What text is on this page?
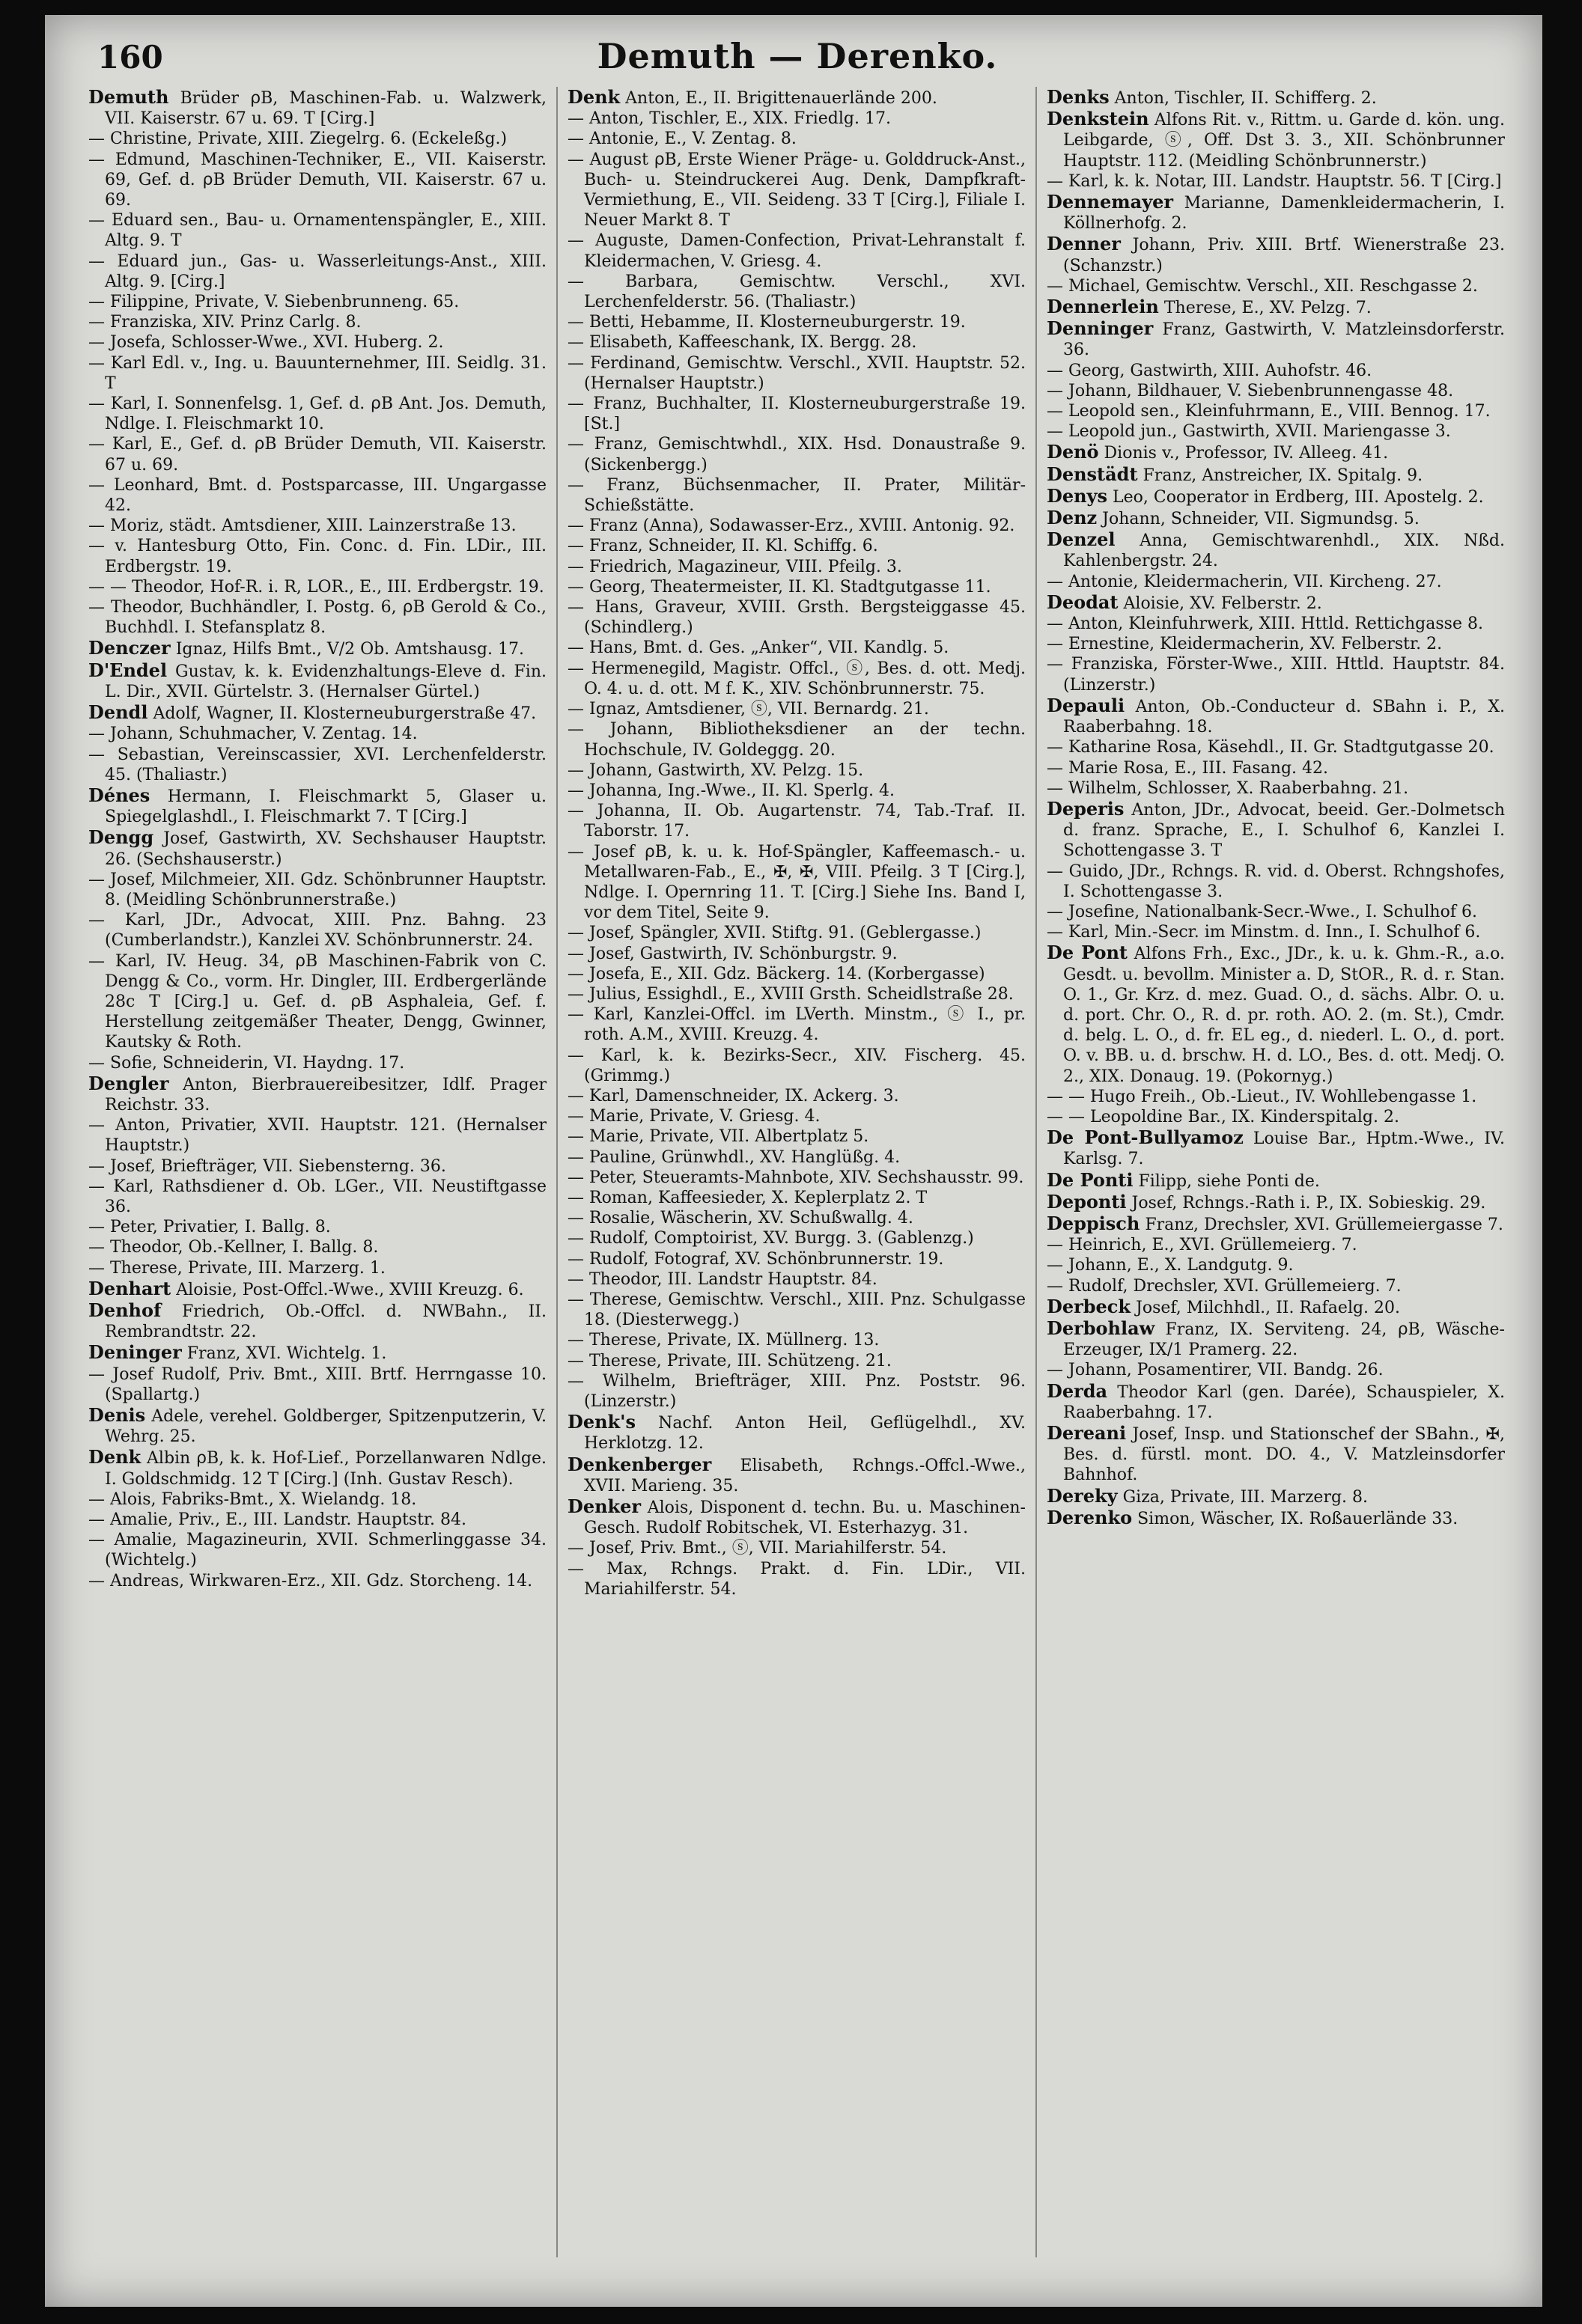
160	Demuth — Derenko.

Demuth Brüder ⍴B, Maschinen-Fab. u. Walzwerk, VII. Kaiserstr. 67 u. 69. T [Cirg.]

— Christine, Private, XIII. Ziegelrg. 6. (Eckeleßg.)

— Edmund, Maschinen-Techniker, E., VII. Kaiserstr. 69, Gef. d. ⍴B Brüder Demuth, VII. Kaiserstr. 67 u. 69.

— Eduard sen., Bau- u. Ornamentenspängler, E., XIII. Altg. 9. T

— Eduard jun., Gas- u. Wasserleitungs-Anst., XIII. Altg. 9. [Cirg.]

— Filippine, Private, V. Siebenbrunneng. 65.

— Franziska, XIV. Prinz Carlg. 8.

— Josefa, Schlosser-Wwe., XVI. Huberg. 2.

— Karl Edl. v., Ing. u. Bauunternehmer, III. Seidlg. 31. T

— Karl, I. Sonnenfelsg. 1, Gef. d. ⍴B Ant. Jos. Demuth, Ndlge. I. Fleischmarkt 10.

— Karl, E., Gef. d. ⍴B Brüder Demuth, VII. Kaiserstr. 67 u. 69.

— Leonhard, Bmt. d. Postsparcasse, III. Ungargasse 42.

— Moriz, städt. Amtsdiener, XIII. Lainzerstraße 13.

— v. Hantesburg Otto, Fin. Conc. d. Fin. LDir., III. Erdbergstr. 19.

— — Theodor, Hof-R. i. R, LOR., E., III. Erdbergstr. 19.

— Theodor, Buchhändler, I. Postg. 6, ⍴B Gerold & Co., Buchhdl. I. Stefansplatz 8.

Denczer Ignaz, Hilfs Bmt., V/2 Ob. Amtshausg. 17.

D'Endel Gustav, k. k. Evidenzhaltungs-Eleve d. Fin. L. Dir., XVII. Gürtelstr. 3. (Hernalser Gürtel.)

Dendl Adolf, Wagner, II. Klosterneuburgerstraße 47.

— Johann, Schuhmacher, V. Zentag. 14.

— Sebastian, Vereinscassier, XVI. Lerchenfelderstr. 45. (Thaliastr.)

Dénes Hermann, I. Fleischmarkt 5, Glaser u. Spiegelglashdl., I. Fleischmarkt 7. T [Cirg.]

Dengg Josef, Gastwirth, XV. Sechshauser Hauptstr. 26. (Sechshauserstr.)

— Josef, Milchmeier, XII. Gdz. Schönbrunner Hauptstr. 8. (Meidling Schönbrunnerstraße.)

— Karl, JDr., Advocat, XIII. Pnz. Bahng. 23 (Cumberlandstr.), Kanzlei XV. Schönbrunnerstr. 24.

— Karl, IV. Heug. 34, ⍴B Maschinen-Fabrik von C. Dengg & Co., vorm. Hr. Dingler, III. Erdbergerlände 28c T [Cirg.] u. Gef. d. ⍴B Asphaleia, Gef. f. Herstellung zeitgemäßer Theater, Dengg, Gwinner, Kautsky & Roth.

— Sofie, Schneiderin, VI. Haydng. 17.

Dengler Anton, Bierbrauereibesitzer, Idlf. Prager Reichstr. 33.

— Anton, Privatier, XVII. Hauptstr. 121. (Hernalser Hauptstr.)

— Josef, Briefträger, VII. Siebensterng. 36.

— Karl, Rathsdiener d. Ob. LGer., VII. Neustiftgasse 36.

— Peter, Privatier, I. Ballg. 8.

— Theodor, Ob.-Kellner, I. Ballg. 8.

— Therese, Private, III. Marzerg. 1.

Denhart Aloisie, Post-Offcl.-Wwe., XVIII Kreuzg. 6.

Denhof Friedrich, Ob.-Offcl. d. NWBahn., II. Rembrandtstr. 22.

Deninger Franz, XVI. Wichtelg. 1.

— Josef Rudolf, Priv. Bmt., XIII. Brtf. Herrngasse 10. (Spallartg.)

Denis Adele, verehel. Goldberger, Spitzenputzerin, V. Wehrg. 25.

Denk Albin ⍴B, k. k. Hof-Lief., Porzellanwaren Ndlge. I. Goldschmidg. 12 T [Cirg.] (Inh. Gustav Resch).

— Alois, Fabriks-Bmt., X. Wielandg. 18.

— Amalie, Priv., E., III. Landstr. Hauptstr. 84.

— Amalie, Magazineurin, XVII. Schmerlinggasse 34. (Wichtelg.)

— Andreas, Wirkwaren-Erz., XII. Gdz. Storcheng. 14.

Denk Anton, E., II. Brigittenauerlände 200.

— Anton, Tischler, E., XIX. Friedlg. 17.

— Antonie, E., V. Zentag. 8.

— August ⍴B, Erste Wiener Präge- u. Golddruck-Anst., Buch- u. Steindruckerei Aug. Denk, Dampfkraft-Vermiethung, E., VII. Seideng. 33 T [Cirg.], Filiale I. Neuer Markt 8. T

— Auguste, Damen-Confection, Privat-Lehranstalt f. Kleidermachen, V. Griesg. 4.

— Barbara, Gemischtw. Verschl., XVI. Lerchenfelderstr. 56. (Thaliastr.)

— Betti, Hebamme, II. Klosterneuburgerstr. 19.

— Elisabeth, Kaffeeschank, IX. Bergg. 28.

— Ferdinand, Gemischtw. Verschl., XVII. Hauptstr. 52. (Hernalser Hauptstr.)

— Franz, Buchhalter, II. Klosterneuburgerstraße 19. [St.]

— Franz, Gemischtwhdl., XIX. Hsd. Donaustraße 9. (Sickenbergg.)

— Franz, Büchsenmacher, II. Prater, Militär-Schießstätte.

— Franz (Anna), Sodawasser-Erz., XVIII. Antonig. 92.

— Franz, Schneider, II. Kl. Schiffg. 6.

— Friedrich, Magazineur, VIII. Pfeilg. 3.

— Georg, Theatermeister, II. Kl. Stadtgutgasse 11.

— Hans, Graveur, XVIII. Grsth. Bergsteiggasse 45. (Schindlerg.)

— Hans, Bmt. d. Ges. „Anker“, VII. Kandlg. 5.

— Hermenegild, Magistr. Offcl., ⓢ, Bes. d. ott. Medj. O. 4. u. d. ott. M f. K., XIV. Schönbrunnerstr. 75.

— Ignaz, Amtsdiener, ⓢ, VII. Bernardg. 21.

— Johann, Bibliotheksdiener an der techn. Hochschule, IV. Goldeggg. 20.

— Johann, Gastwirth, XV. Pelzg. 15.

— Johanna, Ing.-Wwe., II. Kl. Sperlg. 4.

— Johanna, II. Ob. Augartenstr. 74, Tab.-Traf. II. Taborstr. 17.

— Josef ⍴B, k. u. k. Hof-Spängler, Kaffeemasch.- u. Metallwaren-Fab., E., ✠, ✠, VIII. Pfeilg. 3 T [Cirg.], Ndlge. I. Opernring 11. T. [Cirg.] Siehe Ins. Band I, vor dem Titel, Seite 9.

— Josef, Spängler, XVII. Stiftg. 91. (Geblergasse.)

— Josef, Gastwirth, IV. Schönburgstr. 9.

— Josefa, E., XII. Gdz. Bäckerg. 14. (Korbergasse)

— Julius, Essighdl., E., XVIII Grsth. Scheidlstraße 28.

— Karl, Kanzlei-Offcl. im LVerth. Minstm., ⓢ I., pr. roth. A.M., XVIII. Kreuzg. 4.

— Karl, k. k. Bezirks-Secr., XIV. Fischerg. 45. (Grimmg.)

— Karl, Damenschneider, IX. Ackerg. 3.

— Marie, Private, V. Griesg. 4.

— Marie, Private, VII. Albertplatz 5.

— Pauline, Grünwhdl., XV. Hanglüßg. 4.

— Peter, Steueramts-Mahnbote, XIV. Sechshausstr. 99.

— Roman, Kaffeesieder, X. Keplerplatz 2. T

— Rosalie, Wäscherin, XV. Schußwallg. 4.

— Rudolf, Comptoirist, XV. Burgg. 3. (Gablenzg.)

— Rudolf, Fotograf, XV. Schönbrunnerstr. 19.

— Theodor, III. Landstr Hauptstr. 84.

— Therese, Gemischtw. Verschl., XIII. Pnz. Schulgasse 18. (Diesterwegg.)

— Therese, Private, IX. Müllnerg. 13.

— Therese, Private, III. Schützeng. 21.

— Wilhelm, Briefträger, XIII. Pnz. Poststr. 96. (Linzerstr.)

Denk's Nachf. Anton Heil, Geflügelhdl., XV. Herklotzg. 12.

Denkenberger Elisabeth, Rchngs.-Offcl.-Wwe., XVII. Marieng. 35.

Denker Alois, Disponent d. techn. Bu. u. Maschinen-Gesch. Rudolf Robitschek, VI. Esterhazyg. 31.

— Josef, Priv. Bmt., ⓢ, VII. Mariahilferstr. 54.

— Max, Rchngs. Prakt. d. Fin. LDir., VII. Mariahilferstr. 54.

Denks Anton, Tischler, II. Schifferg. 2.

Denkstein Alfons Rit. v., Rittm. u. Garde d. kön. ung. Leibgarde, ⓢ, Off. Dst 3. 3., XII. Schönbrunner Hauptstr. 112. (Meidling Schönbrunnerstr.)

— Karl, k. k. Notar, III. Landstr. Hauptstr. 56. T [Cirg.]

Dennemayer Marianne, Damenkleidermacherin, I. Köllnerhofg. 2.

Denner Johann, Priv. XIII. Brtf. Wienerstraße 23. (Schanzstr.)

— Michael, Gemischtw. Verschl., XII. Reschgasse 2.

Dennerlein Therese, E., XV. Pelzg. 7.

Denninger Franz, Gastwirth, V. Matzleinsdorferstr. 36.

— Georg, Gastwirth, XIII. Auhofstr. 46.

— Johann, Bildhauer, V. Siebenbrunnengasse 48.

— Leopold sen., Kleinfuhrmann, E., VIII. Bennog. 17.

— Leopold jun., Gastwirth, XVII. Mariengasse 3.

Denö Dionis v., Professor, IV. Alleeg. 41.

Denstädt Franz, Anstreicher, IX. Spitalg. 9.

Denys Leo, Cooperator in Erdberg, III. Apostelg. 2.

Denz Johann, Schneider, VII. Sigmundsg. 5.

Denzel Anna, Gemischtwarenhdl., XIX. Nßd. Kahlenbergstr. 24.

— Antonie, Kleidermacherin, VII. Kircheng. 27.

Deodat Aloisie, XV. Felberstr. 2.

— Anton, Kleinfuhrwerk, XIII. Httld. Rettichgasse 8.

— Ernestine, Kleidermacherin, XV. Felberstr. 2.

— Franziska, Förster-Wwe., XIII. Httld. Hauptstr. 84. (Linzerstr.)

Depauli Anton, Ob.-Conducteur d. SBahn i. P., X. Raaberbahng. 18.

— Katharine Rosa, Käsehdl., II. Gr. Stadtgutgasse 20.

— Marie Rosa, E., III. Fasang. 42.

— Wilhelm, Schlosser, X. Raaberbahng. 21.

Deperis Anton, JDr., Advocat, beeid. Ger.-Dolmetsch d. franz. Sprache, E., I. Schulhof 6, Kanzlei I. Schottengasse 3. T

— Guido, JDr., Rchngs. R. vid. d. Oberst. Rchngshofes, I. Schottengasse 3.

— Josefine, Nationalbank-Secr.-Wwe., I. Schulhof 6.

— Karl, Min.-Secr. im Minstm. d. Inn., I. Schulhof 6.

De Pont Alfons Frh., Exc., JDr., k. u. k. Ghm.-R., a.o. Gesdt. u. bevollm. Minister a. D, StOR., R. d. r. Stan. O. 1., Gr. Krz. d. mez. Guad. O., d. sächs. Albr. O. u. d. port. Chr. O., R. d. pr. roth. AO. 2. (m. St.), Cmdr. d. belg. L. O., d. fr. EL eg., d. niederl. L. O., d. port. O. v. BB. u. d. brschw. H. d. LO., Bes. d. ott. Medj. O. 2., XIX. Donaug. 19. (Pokornyg.)

— — Hugo Freih., Ob.-Lieut., IV. Wohllebengasse 1.

— — Leopoldine Bar., IX. Kinderspitalg. 2.

De Pont-Bullyamoz Louise Bar., Hptm.-Wwe., IV. Karlsg. 7.

De Ponti Filipp, siehe Ponti de.

Deponti Josef, Rchngs.-Rath i. P., IX. Sobieskig. 29.

Deppisch Franz, Drechsler, XVI. Grüllemeiergasse 7.

— Heinrich, E., XVI. Grüllemeierg. 7.

— Johann, E., X. Landgutg. 9.

— Rudolf, Drechsler, XVI. Grüllemeierg. 7.

Derbeck Josef, Milchhdl., II. Rafaelg. 20.

Derbohlaw Franz, IX. Serviteng. 24, ⍴B, Wäsche-Erzeuger, IX/1 Pramerg. 22.

— Johann, Posamentirer, VII. Bandg. 26.

Derda Theodor Karl (gen. Darée), Schauspieler, X. Raaberbahng. 17.

Dereani Josef, Insp. und Stationschef der SBahn., ✠, Bes. d. fürstl. mont. DO. 4., V. Matzleinsdorfer Bahnhof.

Dereky Giza, Private, III. Marzerg. 8.

Derenko Simon, Wäscher, IX. Roßauerlände 33.
